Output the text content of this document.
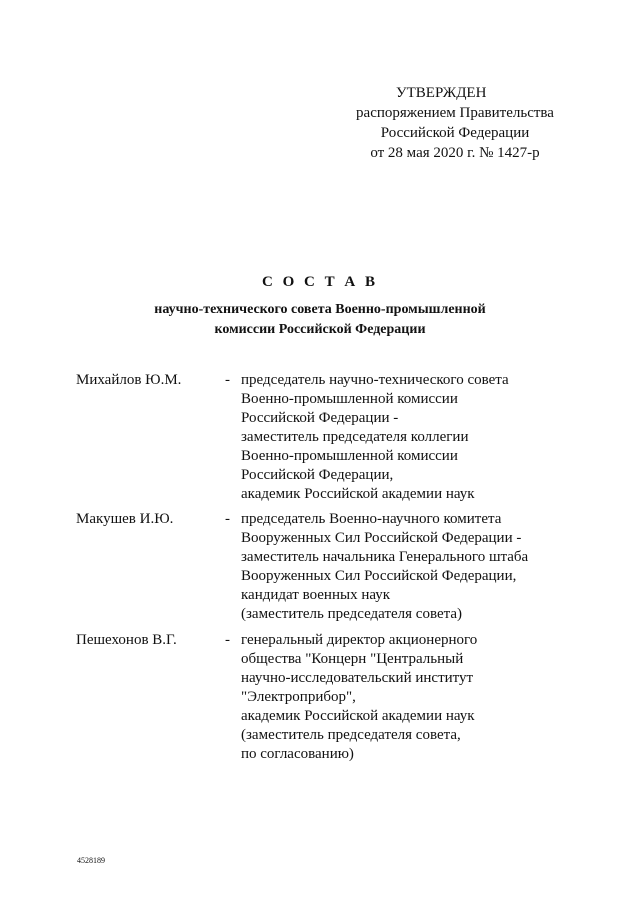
УТВЕРЖДЕН
распоряжением Правительства
Российской Федерации
от 28 мая 2020 г. № 1427-р
С О С Т А В
научно-технического совета Военно-промышленной
комиссии Российской Федерации
Михайлов Ю.М.	- председатель научно-технического совета
Военно-промышленной комиссии
Российской Федерации -
заместитель председателя коллегии
Военно-промышленной комиссии
Российской Федерации,
академик Российской академии наук
Макушев И.Ю.	- председатель Военно-научного комитета
Вооруженных Сил Российской Федерации -
заместитель начальника Генерального штаба
Вооруженных Сил Российской Федерации,
кандидат военных наук
(заместитель председателя совета)
Пешехонов В.Г.	- генеральный директор акционерного
общества "Концерн "Центральный
научно-исследовательский институт
"Электроприбор",
академик Российской академии наук
(заместитель председателя совета,
по согласованию)
4528189
